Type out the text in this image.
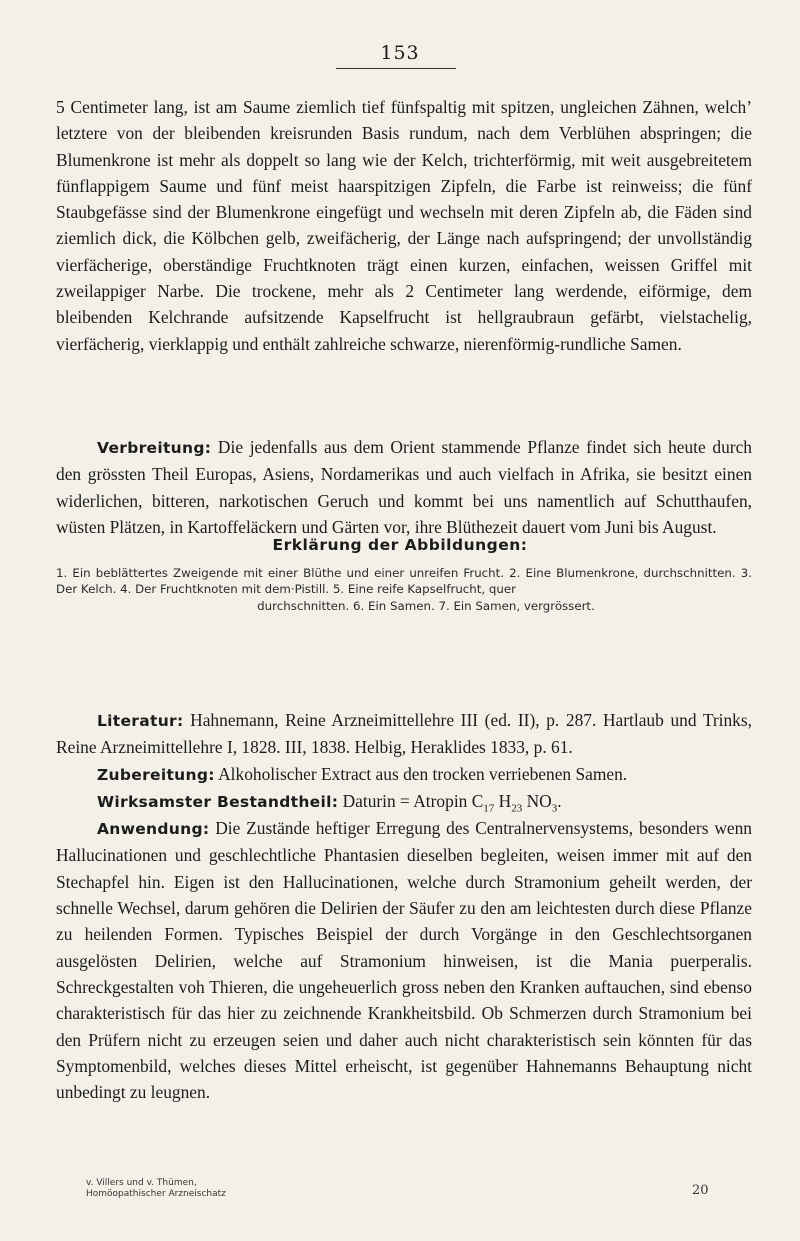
153

5 Centimeter lang, ist am Saume ziemlich tief fünfspaltig mit spitzen, ungleichen Zähnen, welch’ letztere von der bleibenden kreisrunden Basis rundum, nach dem Verblühen abspringen; die Blumenkrone ist mehr als doppelt so lang wie der Kelch, trichterförmig, mit weit ausgebreitetem fünflappigem Saume und fünf meist haarspitzigen Zipfeln, die Farbe ist reinweiss; die fünf Staubgefässe sind der Blumenkrone eingefügt und wechseln mit deren Zipfeln ab, die Fäden sind ziemlich dick, die Kölbchen gelb, zweifächerig, der Länge nach aufspringend; der unvollständig vierfächerige, oberständige Fruchtknoten trägt einen kurzen, einfachen, weissen Griffel mit zweilappiger Narbe. Die trockene, mehr als 2 Centimeter lang werdende, eiförmige, dem bleibenden Kelchrande aufsitzende Kapselfrucht ist hellgraubraun gefärbt, vielstachelig, vierfächerig, vierklappig und enthält zahlreiche schwarze, nierenförmig-rundliche Samen.

Verbreitung: Die jedenfalls aus dem Orient stammende Pflanze findet sich heute durch den grössten Theil Europas, Asiens, Nordamerikas und auch vielfach in Afrika, sie besitzt einen widerlichen, bitteren, narkotischen Geruch und kommt bei uns namentlich auf Schutthaufen, wüsten Plätzen, in Kartoffeläckern und Gärten vor, ihre Blüthezeit dauert vom Juni bis August.

Erklärung der Abbildungen:
1. Ein beblättertes Zweigende mit einer Blüthe und einer unreifen Frucht. 2. Eine Blumenkrone, durchschnitten. 3. Der Kelch. 4. Der Fruchtknoten mit dem·Pistill. 5. Eine reife Kapselfrucht, quer
durchschnitten. 6. Ein Samen. 7. Ein Samen, vergrössert.

Literatur: Hahnemann, Reine Arzneimittellehre III (ed. II), p. 287. Hartlaub und Trinks, Reine Arzneimittellehre I, 1828. III, 1838. Helbig, Heraklides 1833, p. 61.

Zubereitung: Alkoholischer Extract aus den trocken verriebenen Samen.

Wirksamster Bestandtheil: Daturin = Atropin $C_{17}$ $H_{23}$ $NO_3$.

Anwendung: Die Zustände heftiger Erregung des Centralnervensystems, besonders wenn Hallucinationen und geschlechtliche Phantasien dieselben begleiten, weisen immer mit auf den Stechapfel hin. Eigen ist den Hallucinationen, welche durch Stramonium geheilt werden, der schnelle Wechsel, darum gehören die Delirien der Säufer zu den am leichtesten durch diese Pflanze zu heilenden Formen. Typisches Beispiel der durch Vorgänge in den Geschlechtsorganen ausgelösten Delirien, welche auf Stramonium hinweisen, ist die Mania puerperalis. Schreckgestalten voh Thieren, die ungeheuerlich gross neben den Kranken auftauchen, sind ebenso charakteristisch für das hier zu zeichnende Krankheitsbild. Ob Schmerzen durch Stramonium bei den Prüfern nicht zu erzeugen seien und daher auch nicht charakteristisch sein könnten für das Symptomenbild, welches dieses Mittel erheischt, ist gegenüber Hahnemanns Behauptung nicht unbedingt zu leugnen.

v. Villers und v. Thümen,
Homöopathischer Arzneischatz	20
